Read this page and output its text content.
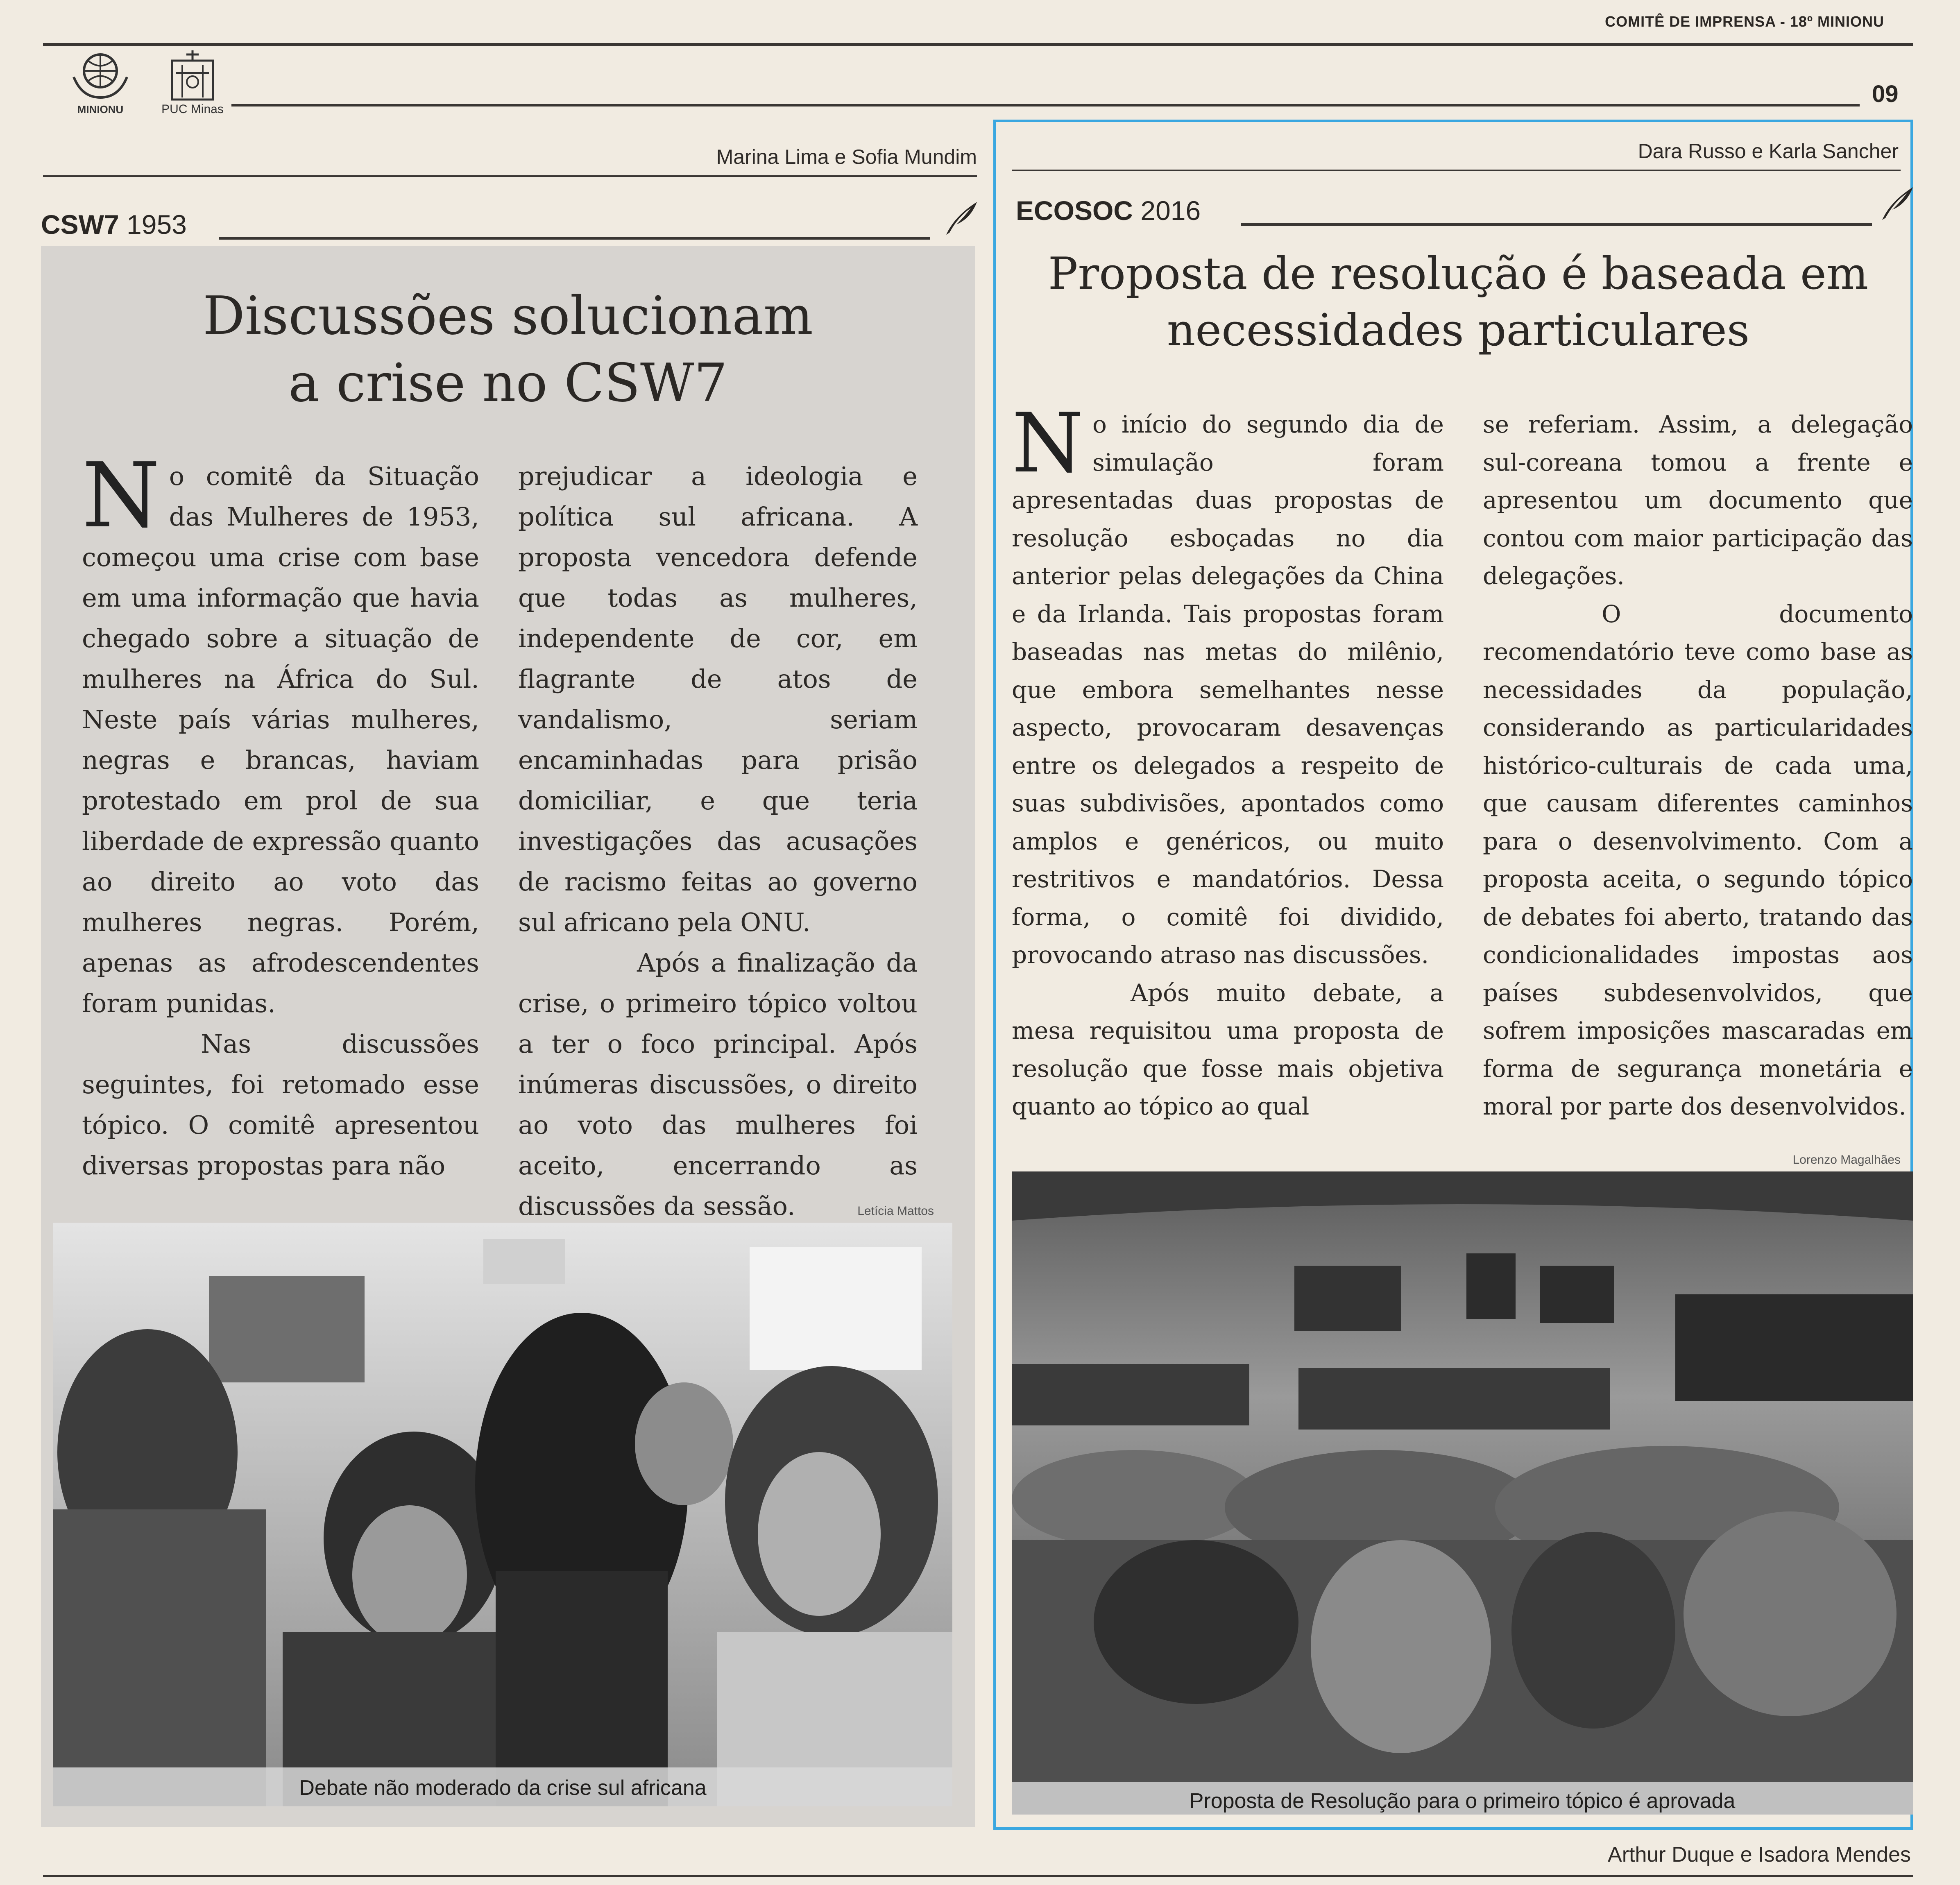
COMITÊ DE IMPRENSA - 18º MINIONU
MINIONU	PUC Minas
09
Marina Lima e Sofia Mundim
CSW7 1953
Discussões solucionam
a crise no CSW7

N o comitê da Situação das Mulheres de 1953, começou uma crise com base em uma informação que havia chegado sobre a situação de mulheres na África do Sul. Neste país várias mulheres, negras e brancas, haviam protestado em prol de sua liberdade de expressão quanto ao direito ao voto das mulheres negras. Porém, apenas as afrodescendentes foram punidas.

Nas discussões seguintes, foi retomado esse tópico. O comitê apresentou diversas propostas para não

prejudicar a ideologia e política sul africana. A proposta vencedora defende que todas as mulheres, independente de cor, em flagrante de atos de vandalismo, seriam encaminhadas para prisão domiciliar, e que teria investigações das acusações de racismo feitas ao governo sul africano pela ONU.

Após a finalização da crise, o primeiro tópico voltou a ter o foco principal. Após inúmeras discussões, o direito ao voto das mulheres foi aceito, encerrando as discussões da sessão.	Letícia Mattos
Debate não moderado da crise sul africana
Dara Russo e Karla Sancher
ECOSOC 2016
Proposta de resolução é baseada em
necessidades particulares

N o início do segundo dia de simulação foram apresentadas duas propostas de resolução esboçadas no dia anterior pelas delegações da China e da Irlanda. Tais propostas foram baseadas nas metas do milênio, que embora semelhantes nesse aspecto, provocaram desavenças entre os delegados a respeito de suas subdivisões, apontados como amplos e genéricos, ou muito restritivos e mandatórios. Dessa forma, o comitê foi dividido, provocando atraso nas discussões.

Após muito debate, a mesa requisitou uma proposta de resolução que fosse mais objetiva quanto ao tópico ao qual

se referiam. Assim, a delegação sul-coreana tomou a frente e apresentou um documento que contou com maior participação das delegações.

O documento recomendatório teve como base as necessidades da população, considerando as particularidades histórico-culturais de cada uma, que causam diferentes caminhos para o desenvolvimento. Com a proposta aceita, o segundo tópico de debates foi aberto, tratando das condicionalidades impostas aos países subdesenvolvidos, que sofrem imposições mascaradas em forma de segurança monetária e moral por parte dos desenvolvidos.

Lorenzo Magalhães
Proposta de Resolução para o primeiro tópico é aprovada
Arthur Duque e Isadora Mendes
